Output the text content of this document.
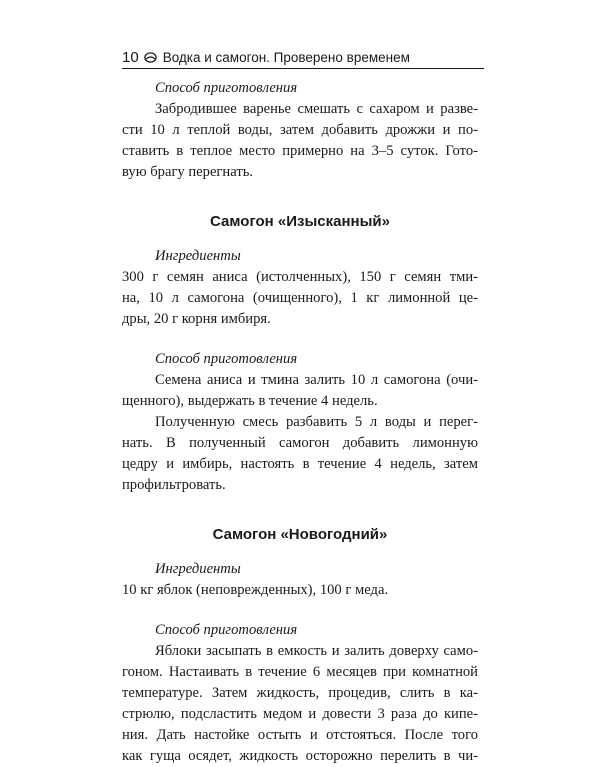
10 Водка и самогон. Проверено временем

Способ приготовления

Забродившее варенье смешать с сахаром и разве-
сти 10 л теплой воды, затем добавить дрожжи и по-
ставить в теплое место примерно на 3–5 суток. Гото-
вую брагу перегнать.

Самогон «Изысканный»

Ингредиенты

300 г семян аниса (истолченных), 150 г семян тми-
на, 10 л самогона (очищенного), 1 кг лимонной це-
дры, 20 г корня имбиря.

Способ приготовления

Семена аниса и тмина залить 10 л самогона (очи-
щенного), выдержать в течение 4 недель.

Полученную смесь разбавить 5 л воды и перег-
нать. В полученный самогон добавить лимонную
цедру и имбирь, настоять в течение 4 недель, затем
профильтровать.

Самогон «Новогодний»

Ингредиенты

10 кг яблок (неповрежденных), 100 г меда.

Способ приготовления

Яблоки засыпать в емкость и залить доверху само-
гоном. Настаивать в течение 6 месяцев при комнатной
температуре. Затем жидкость, процедив, слить в ка-
стрюлю, подсластить медом и довести 3 раза до кипе-
ния. Дать настойке остыть и отстояться. После того
как гуща осядет, жидкость осторожно перелить в чи-
